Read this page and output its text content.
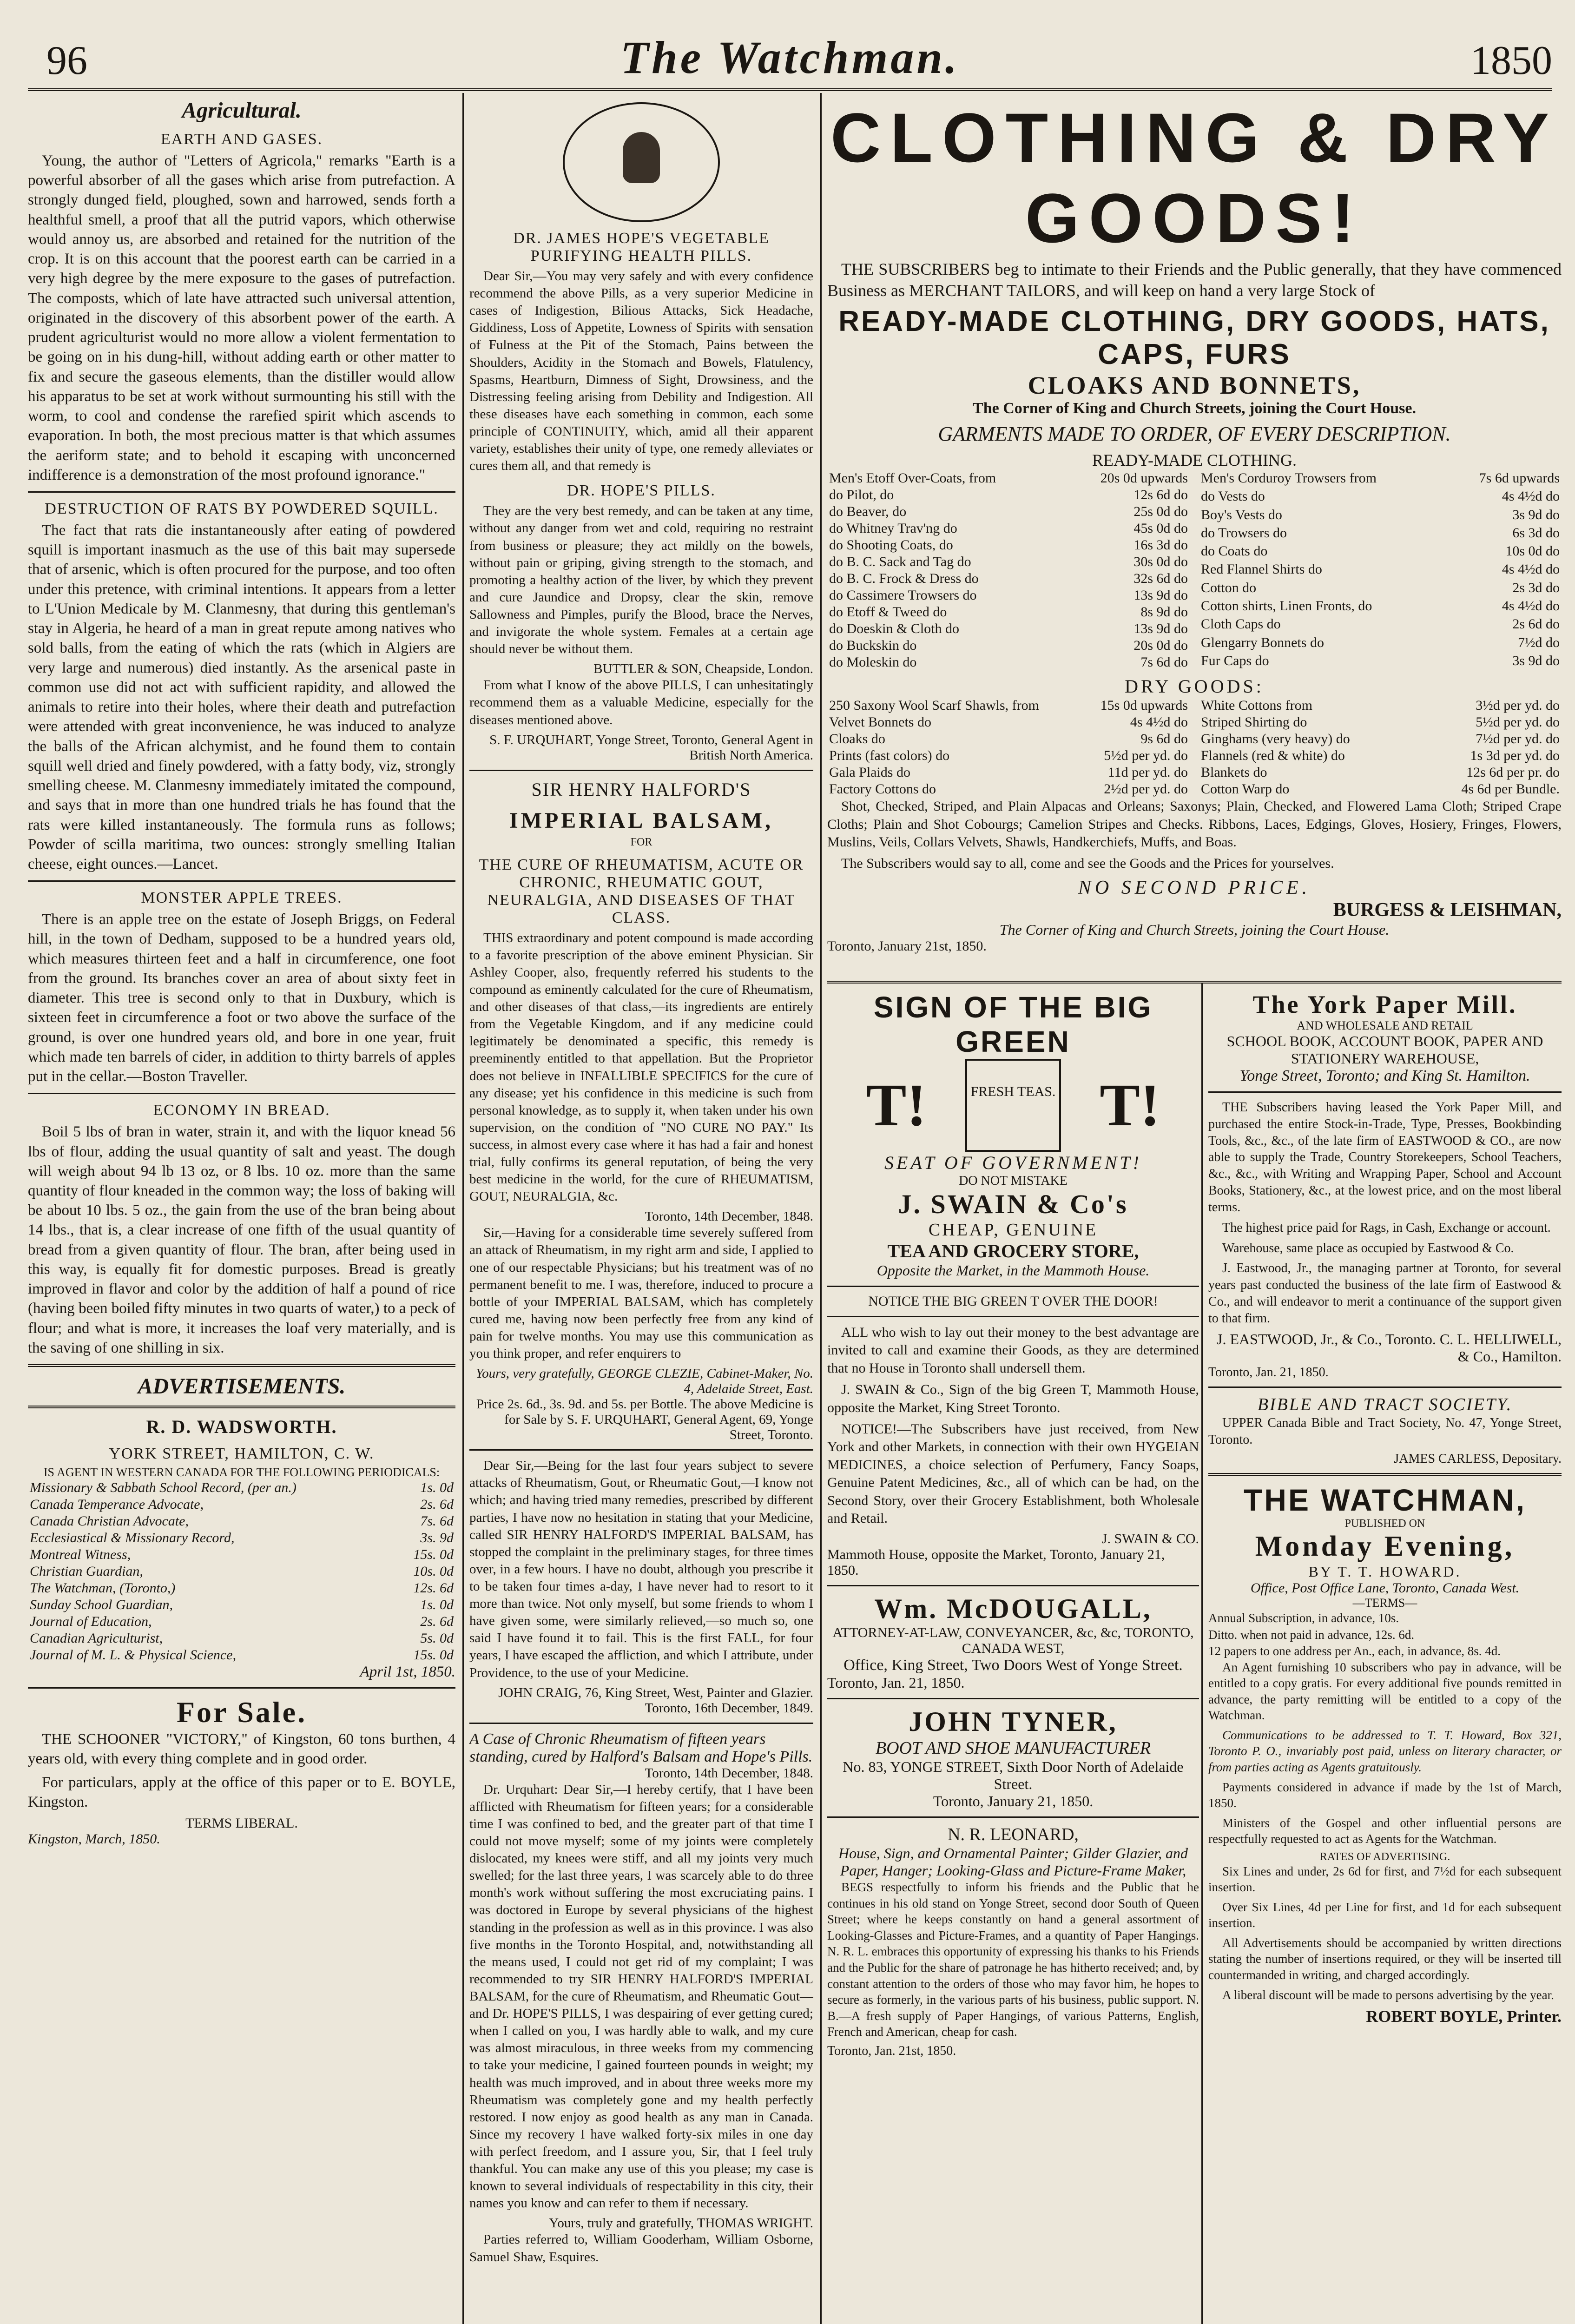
96	The Watchman.	1850
Agricultural.
EARTH AND GASES.

Young, the author of "Letters of Agricola," remarks "Earth is a powerful absorber of all the gases which arise from putrefaction. A strongly dunged field, ploughed, sown and harrowed, sends forth a healthful smell, a proof that all the putrid vapors, which otherwise would annoy us, are absorbed and retained for the nutrition of the crop. It is on this account that the poorest earth can be carried in a very high degree by the mere exposure to the gases of putrefaction. The composts, which of late have attracted such universal attention, originated in the discovery of this absorbent power of the earth. A prudent agriculturist would no more allow a violent fermentation to be going on in his dung-hill, without adding earth or other matter to fix and secure the gaseous elements, than the distiller would allow his apparatus to be set at work without surmounting his still with the worm, to cool and condense the rarefied spirit which ascends to evaporation. In both, the most precious matter is that which assumes the aeriform state; and to behold it escaping with unconcerned indifference is a demonstration of the most profound ignorance."

DESTRUCTION OF RATS BY POWDERED SQUILL.

The fact that rats die instantaneously after eating of powdered squill is important inasmuch as the use of this bait may supersede that of arsenic, which is often procured for the purpose, and too often under this pretence, with criminal intentions. It appears from a letter to L'Union Medicale by M. Clanmesny, that during this gentleman's stay in Algeria, he heard of a man in great repute among natives who sold balls, from the eating of which the rats (which in Algiers are very large and numerous) died instantly. As the arsenical paste in common use did not act with sufficient rapidity, and allowed the animals to retire into their holes, where their death and putrefaction were attended with great inconvenience, he was induced to analyze the balls of the African alchymist, and he found them to contain squill well dried and finely powdered, with a fatty body, viz, strongly smelling cheese. M. Clanmesny immediately imitated the compound, and says that in more than one hundred trials he has found that the rats were killed instantaneously. The formula runs as follows; Powder of scilla maritima, two ounces: strongly smelling Italian cheese, eight ounces.—Lancet.

MONSTER APPLE TREES.

There is an apple tree on the estate of Joseph Briggs, on Federal hill, in the town of Dedham, supposed to be a hundred years old, which measures thirteen feet and a half in circumference, one foot from the ground. Its branches cover an area of about sixty feet in diameter. This tree is second only to that in Duxbury, which is sixteen feet in circumference a foot or two above the surface of the ground, is over one hundred years old, and bore in one year, fruit which made ten barrels of cider, in addition to thirty barrels of apples put in the cellar.—Boston Traveller.

ECONOMY IN BREAD.

Boil 5 lbs of bran in water, strain it, and with the liquor knead 56 lbs of flour, adding the usual quantity of salt and yeast. The dough will weigh about 94 lb 13 oz, or 8 lbs. 10 oz. more than the same quantity of flour kneaded in the common way; the loss of baking will be about 10 lbs. 5 oz., the gain from the use of the bran being about 14 lbs., that is, a clear increase of one fifth of the usual quantity of bread from a given quantity of flour. The bran, after being used in this way, is equally fit for domestic purposes. Bread is greatly improved in flavor and color by the addition of half a pound of rice (having been boiled fifty minutes in two quarts of water,) to a peck of flour; and what is more, it increases the loaf very materially, and is the saving of one shilling in six.

ADVERTISEMENTS.
R. D. WADSWORTH.
YORK STREET, HAMILTON, C. W.
IS AGENT IN WESTERN CANADA FOR THE FOLLOWING PERIODICALS:
Missionary & Sabbath School Record, (per an.)	1s. 0d
Canada Temperance Advocate,	2s. 6d
Canada Christian Advocate,	7s. 6d
Ecclesiastical & Missionary Record,	3s. 9d
Montreal Witness,	15s. 0d
Christian Guardian,	10s. 0d
The Watchman, (Toronto,)	12s. 6d
Sunday School Guardian,	1s. 0d
Journal of Education,	2s. 6d
Canadian Agriculturist,	5s. 0d
Journal of M. L. & Physical Science,	15s. 0d
April 1st, 1850.
For Sale.

THE SCHOONER "VICTORY," of Kingston, 60 tons burthen, 4 years old, with every thing complete and in good order.

For particulars, apply at the office of this paper or to E. BOYLE, Kingston.

TERMS LIBERAL.
Kingston, March, 1850.
DR. JAMES HOPE'S VEGETABLE PURIFYING HEALTH PILLS.

Dear Sir,—You may very safely and with every confidence recommend the above Pills, as a very superior Medicine in cases of Indigestion, Bilious Attacks, Sick Headache, Giddiness, Loss of Appetite, Lowness of Spirits with sensation of Fulness at the Pit of the Stomach, Pains between the Shoulders, Acidity in the Stomach and Bowels, Flatulency, Spasms, Heartburn, Dimness of Sight, Drowsiness, and the Distressing feeling arising from Debility and Indigestion. All these diseases have each something in common, each some principle of CONTINUITY, which, amid all their apparent variety, establishes their unity of type, one remedy alleviates or cures them all, and that remedy is

DR. HOPE'S PILLS.

They are the very best remedy, and can be taken at any time, without any danger from wet and cold, requiring no restraint from business or pleasure; they act mildly on the bowels, without pain or griping, giving strength to the stomach, and promoting a healthy action of the liver, by which they prevent and cure Jaundice and Dropsy, clear the skin, remove Sallowness and Pimples, purify the Blood, brace the Nerves, and invigorate the whole system. Females at a certain age should never be without them.

BUTTLER & SON, Cheapside, London.

From what I know of the above PILLS, I can unhesitatingly recommend them as a valuable Medicine, especially for the diseases mentioned above.

S. F. URQUHART, Yonge Street, Toronto, General Agent in British North America.
SIR HENRY HALFORD'S
IMPERIAL BALSAM,
FOR
THE CURE OF RHEUMATISM, ACUTE OR CHRONIC, RHEUMATIC GOUT, NEURALGIA, AND DISEASES OF THAT CLASS.

THIS extraordinary and potent compound is made according to a favorite prescription of the above eminent Physician. Sir Ashley Cooper, also, frequently referred his students to the compound as eminently calculated for the cure of Rheumatism, and other diseases of that class,—its ingredients are entirely from the Vegetable Kingdom, and if any medicine could legitimately be denominated a specific, this remedy is preeminently entitled to that appellation. But the Proprietor does not believe in INFALLIBLE SPECIFICS for the cure of any disease; yet his confidence in this medicine is such from personal knowledge, as to supply it, when taken under his own supervision, on the condition of "NO CURE NO PAY." Its success, in almost every case where it has had a fair and honest trial, fully confirms its general reputation, of being the very best medicine in the world, for the cure of RHEUMATISM, GOUT, NEURALGIA, &c.

Toronto, 14th December, 1848.

Sir,—Having for a considerable time severely suffered from an attack of Rheumatism, in my right arm and side, I applied to one of our respectable Physicians; but his treatment was of no permanent benefit to me. I was, therefore, induced to procure a bottle of your IMPERIAL BALSAM, which has completely cured me, having now been perfectly free from any kind of pain for twelve months. You may use this communication as you think proper, and refer enquirers to

Yours, very gratefully, GEORGE CLEZIE, Cabinet-Maker, No. 4, Adelaide Street, East.
Price 2s. 6d., 3s. 9d. and 5s. per Bottle. The above Medicine is for Sale by S. F. URQUHART, General Agent, 69, Yonge Street, Toronto.

Dear Sir,—Being for the last four years subject to severe attacks of Rheumatism, Gout, or Rheumatic Gout,—I know not which; and having tried many remedies, prescribed by different parties, I have now no hesitation in stating that your Medicine, called SIR HENRY HALFORD'S IMPERIAL BALSAM, has stopped the complaint in the preliminary stages, for three times over, in a few hours. I have no doubt, although you prescribe it to be taken four times a-day, I have never had to resort to it more than twice. Not only myself, but some friends to whom I have given some, were similarly relieved,—so much so, one said I have found it to fail. This is the first FALL, for four years, I have escaped the affliction, and which I attribute, under Providence, to the use of your Medicine.

JOHN CRAIG, 76, King Street, West, Painter and Glazier. Toronto, 16th December, 1849.
A Case of Chronic Rheumatism of fifteen years standing, cured by Halford's Balsam and Hope's Pills.
Toronto, 14th December, 1848.

Dr. Urquhart: Dear Sir,—I hereby certify, that I have been afflicted with Rheumatism for fifteen years; for a considerable time I was confined to bed, and the greater part of that time I could not move myself; some of my joints were completely dislocated, my knees were stiff, and all my joints very much swelled; for the last three years, I was scarcely able to do three month's work without suffering the most excruciating pains. I was doctored in Europe by several physicians of the highest standing in the profession as well as in this province. I was also five months in the Toronto Hospital, and, notwithstanding all the means used, I could not get rid of my complaint; I was recommended to try SIR HENRY HALFORD'S IMPERIAL BALSAM, for the cure of Rheumatism, and Rheumatic Gout—and Dr. HOPE'S PILLS, I was despairing of ever getting cured; when I called on you, I was hardly able to walk, and my cure was almost miraculous, in three weeks from my commencing to take your medicine, I gained fourteen pounds in weight; my health was much improved, and in about three weeks more my Rheumatism was completely gone and my health perfectly restored. I now enjoy as good health as any man in Canada. Since my recovery I have walked forty-six miles in one day with perfect freedom, and I assure you, Sir, that I feel truly thankful. You can make any use of this you please; my case is known to several individuals of respectability in this city, their names you know and can refer to them if necessary.

Yours, truly and gratefully, THOMAS WRIGHT.

Parties referred to, William Gooderham, William Osborne, Samuel Shaw, Esquires.

CLOTHING & DRY GOODS!

THE SUBSCRIBERS beg to intimate to their Friends and the Public generally, that they have commenced Business as MERCHANT TAILORS, and will keep on hand a very large Stock of

READY-MADE CLOTHING, DRY GOODS, HATS, CAPS, FURS
CLOAKS AND BONNETS,
The Corner of King and Church Streets, joining the Court House.
GARMENTS MADE TO ORDER, OF EVERY DESCRIPTION.
READY-MADE CLOTHING.
Men's Etoff Over-Coats, from	20s 0d upwards
do Pilot, do	12s 6d do
do Beaver, do	25s 0d do
do Whitney Trav'ng do	45s 0d do
do Shooting Coats, do	16s 3d do
do B. C. Sack and Tag do	30s 0d do
do B. C. Frock & Dress do	32s 6d do
do Cassimere Trowsers do	13s 9d do
do Etoff & Tweed do	8s 9d do
do Doeskin & Cloth do	13s 9d do
do Buckskin do	20s 0d do
do Moleskin do	7s 6d do
Men's Corduroy Trowsers from	7s 6d upwards
do Vests do	4s 4½d do
Boy's Vests do	3s 9d do
do Trowsers do	6s 3d do
do Coats do	10s 0d do
Red Flannel Shirts do	4s 4½d do
Cotton do	2s 3d do
Cotton shirts, Linen Fronts, do	4s 4½d do
Cloth Caps do	2s 6d do
Glengarry Bonnets do	7½d do
Fur Caps do	3s 9d do
DRY GOODS:
250 Saxony Wool Scarf Shawls, from	15s 0d upwards
Velvet Bonnets do	4s 4½d do
Cloaks do	9s 6d do
Prints (fast colors) do	5½d per yd. do
Gala Plaids do	11d per yd. do
Factory Cottons do	2½d per yd. do
White Cottons from	3½d per yd. do
Striped Shirting do	5½d per yd. do
Ginghams (very heavy) do	7½d per yd. do
Flannels (red & white) do	1s 3d per yd. do
Blankets do	12s 6d per pr. do
Cotton Warp do	4s 6d per Bundle.

Shot, Checked, Striped, and Plain Alpacas and Orleans; Saxonys; Plain, Checked, and Flowered Lama Cloth; Striped Crape Cloths; Plain and Shot Cobourgs; Camelion Stripes and Checks. Ribbons, Laces, Edgings, Gloves, Hosiery, Fringes, Flowers, Muslins, Veils, Collars Velvets, Shawls, Handkerchiefs, Muffs, and Boas.

The Subscribers would say to all, come and see the Goods and the Prices for yourselves.

NO SECOND PRICE.
BURGESS & LEISHMAN,
The Corner of King and Church Streets, joining the Court House.
Toronto, January 21st, 1850.
SIGN OF THE BIG GREEN
T!	FRESH TEAS. T!
SEAT OF GOVERNMENT!
DO NOT MISTAKE
J. SWAIN & Co's
CHEAP, GENUINE
TEA AND GROCERY STORE,
Opposite the Market, in the Mammoth House.
NOTICE THE BIG GREEN T OVER THE DOOR!

ALL who wish to lay out their money to the best advantage are invited to call and examine their Goods, as they are determined that no House in Toronto shall undersell them.

J. SWAIN & Co., Sign of the big Green T, Mammoth House, opposite the Market, King Street Toronto.

NOTICE!—The Subscribers have just received, from New York and other Markets, in connection with their own HYGEIAN MEDICINES, a choice selection of Perfumery, Fancy Soaps, Genuine Patent Medicines, &c., all of which can be had, on the Second Story, over their Grocery Establishment, both Wholesale and Retail.

J. SWAIN & CO.
Mammoth House, opposite the Market, Toronto, January 21, 1850.
Wm. McDOUGALL,
ATTORNEY-AT-LAW, CONVEYANCER, &c, &c, TORONTO, CANADA WEST,
Office, King Street, Two Doors West of Yonge Street.
Toronto, Jan. 21, 1850.
JOHN TYNER,
BOOT AND SHOE MANUFACTURER
No. 83, YONGE STREET, Sixth Door North of Adelaide Street.
Toronto, January 21, 1850.
N. R. LEONARD,
House, Sign, and Ornamental Painter; Gilder Glazier, and Paper, Hanger; Looking-Glass and Picture-Frame Maker,

BEGS respectfully to inform his friends and the Public that he continues in his old stand on Yonge Street, second door South of Queen Street; where he keeps constantly on hand a general assortment of Looking-Glasses and Picture-Frames, and a quantity of Paper Hangings. N. R. L. embraces this opportunity of expressing his thanks to his Friends and the Public for the share of patronage he has hitherto received; and, by constant attention to the orders of those who may favor him, he hopes to secure as formerly, in the various parts of his business, public support. N. B.—A fresh supply of Paper Hangings, of various Patterns, English, French and American, cheap for cash.

Toronto, Jan. 21st, 1850.
The York Paper Mill.
AND WHOLESALE AND RETAIL
SCHOOL BOOK, ACCOUNT BOOK, PAPER AND STATIONERY WAREHOUSE,
Yonge Street, Toronto; and King St. Hamilton.

THE Subscribers having leased the York Paper Mill, and purchased the entire Stock-in-Trade, Type, Presses, Bookbinding Tools, &c., &c., of the late firm of EASTWOOD & CO., are now able to supply the Trade, Country Storekeepers, School Teachers, &c., &c., with Writing and Wrapping Paper, School and Account Books, Stationery, &c., at the lowest price, and on the most liberal terms.

The highest price paid for Rags, in Cash, Exchange or account.

Warehouse, same place as occupied by Eastwood & Co.

J. Eastwood, Jr., the managing partner at Toronto, for several years past conducted the business of the late firm of Eastwood & Co., and will endeavor to merit a continuance of the support given to that firm.

J. EASTWOOD, Jr., & Co., Toronto. C. L. HELLIWELL, & Co., Hamilton.
Toronto, Jan. 21, 1850.
BIBLE AND TRACT SOCIETY.

UPPER Canada Bible and Tract Society, No. 47, Yonge Street, Toronto.

JAMES CARLESS, Depositary.
THE WATCHMAN,
PUBLISHED ON
Monday Evening,
BY T. T. HOWARD.
Office, Post Office Lane, Toronto, Canada West.
—TERMS—
Annual Subscription, in advance, 10s.
Ditto. when not paid in advance, 12s. 6d.
12 papers to one address per An., each, in advance, 8s. 4d.

An Agent furnishing 10 subscribers who pay in advance, will be entitled to a copy gratis. For every additional five pounds remitted in advance, the party remitting will be entitled to a copy of the Watchman.

Communications to be addressed to T. T. Howard, Box 321, Toronto P. O., invariably post paid, unless on literary character, or from parties acting as Agents gratuitously.

Payments considered in advance if made by the 1st of March, 1850.

Ministers of the Gospel and other influential persons are respectfully requested to act as Agents for the Watchman.

RATES OF ADVERTISING.

Six Lines and under, 2s 6d for first, and 7½d for each subsequent insertion.

Over Six Lines, 4d per Line for first, and 1d for each subsequent insertion.

All Advertisements should be accompanied by written directions stating the number of insertions required, or they will be inserted till countermanded in writing, and charged accordingly.

A liberal discount will be made to persons advertising by the year.

ROBERT BOYLE, Printer.
